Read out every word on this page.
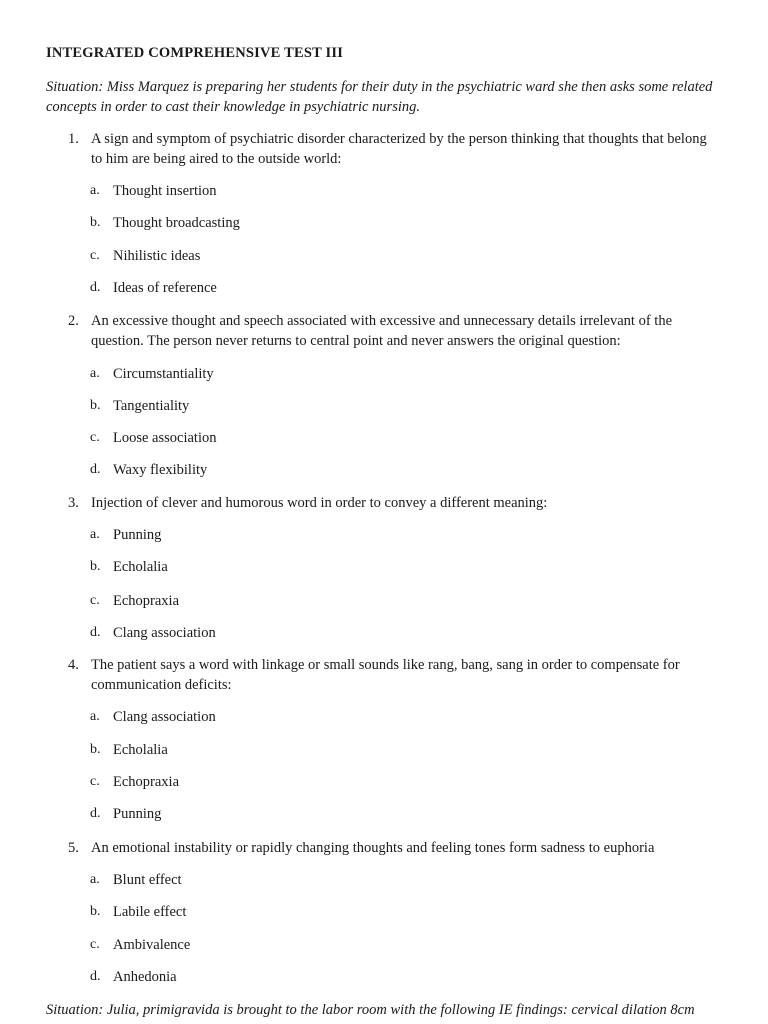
INTEGRATED COMPREHENSIVE TEST III
Situation: Miss Marquez is preparing her students for their duty in the psychiatric ward she then asks some related concepts in order to cast their knowledge in psychiatric nursing.
1. A sign and symptom of psychiatric disorder characterized by the person thinking that thoughts that belong to him are being aired to the outside world:
a. Thought insertion
b. Thought broadcasting
c. Nihilistic ideas
d. Ideas of reference
2. An excessive thought and speech associated with excessive and unnecessary details irrelevant of the question. The person never returns to central point and never answers the original question:
a. Circumstantiality
b. Tangentiality
c. Loose association
d. Waxy flexibility
3. Injection of clever and humorous word in order to convey a different meaning:
a. Punning
b. Echolalia
c. Echopraxia
d. Clang association
4. The patient says a word with linkage or small sounds like rang, bang, sang in order to compensate for communication deficits:
a. Clang association
b. Echolalia
c. Echopraxia
d. Punning
5. An emotional instability or rapidly changing thoughts and feeling tones form sadness to euphoria
a. Blunt effect
b. Labile effect
c. Ambivalence
d. Anhedonia
Situation: Julia, primigravida is brought to the labor room with the following IE findings: cervical dilation 8cm
